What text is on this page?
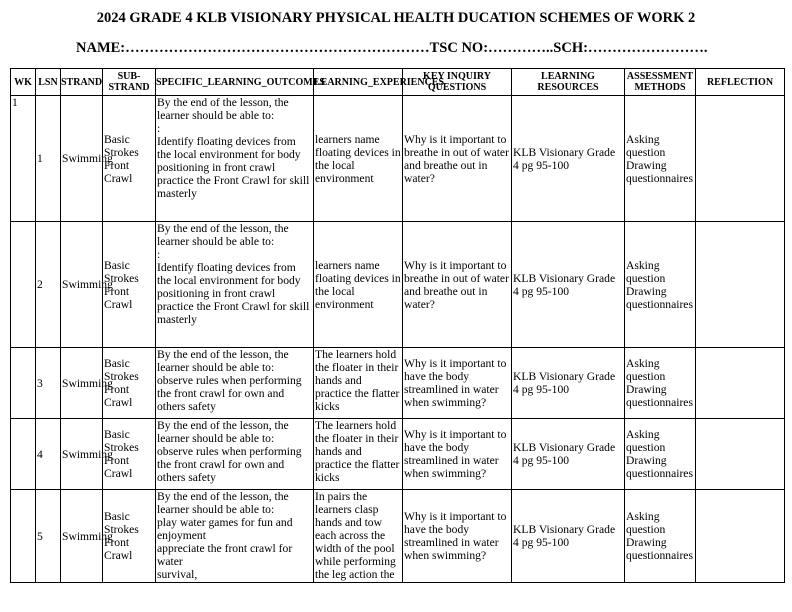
2024 GRADE 4 KLB VISIONARY PHYSICAL HEALTH DUCATION SCHEMES OF WORK 2
NAME:………………………………………………………TSC NO:…………..SCH:…………………….
WK	LSN	STRAND	SUB-STRAND	SPECIFIC_LEARNING_OUTCOMES	LEARNING_EXPERIENCES	KEY INQUIRY QUESTIONS	LEARNING RESOURCES	ASSESSMENT METHODS	REFLECTION
1	1	Swimming	Basic Strokes Front Crawl	By the end of the lesson, the learner should be able to:
:
Identify floating devices from the local environment for body positioning in front crawl
practice the Front Crawl for skill masterly	learners name floating devices in the local environment	Why is it important to breathe in out of water and breathe out in water?	KLB Visionary Grade 4 pg 95-100	Asking question
Drawing
questionnaires	

	2	Swimming	Basic Strokes Front Crawl	By the end of the lesson, the learner should be able to:
:
Identify floating devices from the local environment for body positioning in front crawl
practice the Front Crawl for skill masterly	learners name floating devices in the local environment	Why is it important to breathe in out of water and breathe out in water?	KLB Visionary Grade 4 pg 95-100	Asking question
Drawing
questionnaires	

	3	Swimming	Basic Strokes Front Crawl	By the end of the lesson, the learner should be able to:
observe rules when performing the front crawl for own and others safety	The learners hold the floater in their hands and practice the flatter kicks	Why is it important to have the body streamlined in water when swimming?	KLB Visionary Grade 4 pg 95-100	Asking question
Drawing
questionnaires	

	4	Swimming	Basic Strokes Front Crawl	By the end of the lesson, the learner should be able to:
observe rules when performing the front crawl for own and others safety	The learners hold the floater in their hands and practice the flatter kicks	Why is it important to have the body streamlined in water when swimming?	KLB Visionary Grade 4 pg 95-100	Asking question
Drawing
questionnaires	

	5	Swimming	Basic Strokes Front Crawl	By the end of the lesson, the learner should be able to:
play water games for fun and enjoyment
appreciate the front crawl for water
survival,	In pairs the learners clasp hands and tow each across the width of the pool while performing the leg action the	Why is it important to have the body streamlined in water when swimming?	KLB Visionary Grade 4 pg 95-100	Asking question
Drawing
questionnaires	
